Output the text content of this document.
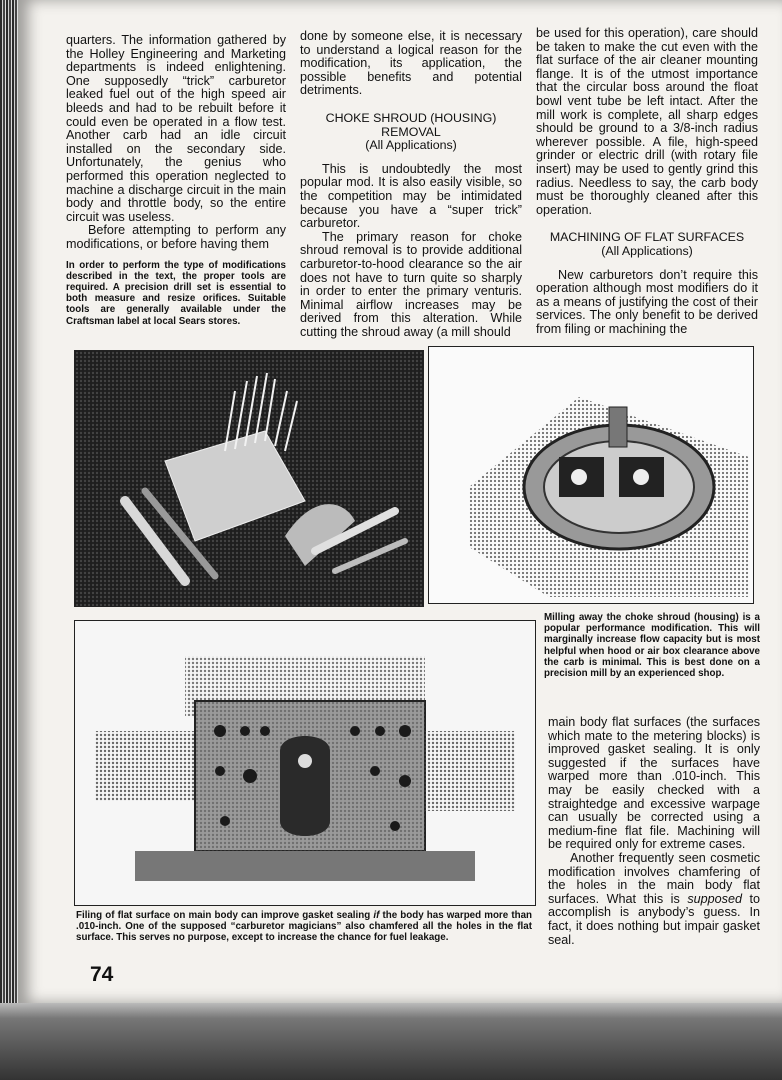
quarters. The information gathered by the Holley Engineering and Marketing departments is indeed enlightening. One supposedly “trick” carburetor leaked fuel out of the high speed air bleeds and had to be rebuilt before it could even be operated in a flow test. Another carb had an idle circuit installed on the secondary side. Unfortunately, the genius who performed this operation neglected to machine a discharge circuit in the main body and throttle body, so the entire circuit was useless.

Before attempting to perform any modifications, or before having them

In order to perform the type of modifications described in the text, the proper tools are required. A precision drill set is essential to both measure and resize orifices. Suitable tools are generally available under the Craftsman label at local Sears stores.

done by someone else, it is necessary to understand a logical reason for the modification, its application, the possible benefits and potential detriments.

CHOKE SHROUD (HOUSING)
REMOVAL
(All Applications)

This is undoubtedly the most popular mod. It is also easily visible, so the competition may be intimidated because you have a “super trick” carburetor.

The primary reason for choke shroud removal is to provide additional carburetor-to-hood clearance so the air does not have to turn quite so sharply in order to enter the primary venturis. Minimal airflow increases may be derived from this alteration. While cutting the shroud away (a mill should

be used for this operation), care should be taken to make the cut even with the flat surface of the air cleaner mounting flange. It is of the utmost importance that the circular boss around the float bowl vent tube be left intact. After the mill work is complete, all sharp edges should be ground to a 3/8-inch radius wherever possible. A file, high-speed grinder or electric drill (with rotary file insert) may be used to gently grind this radius. Needless to say, the carb body must be thoroughly cleaned after this operation.

MACHINING OF FLAT SURFACES
(All Applications)

New carburetors don’t require this operation although most modifiers do it as a means of justifying the cost of their services. The only benefit to be derived from filing or machining the

Milling away the choke shroud (housing) is a popular performance modification. This will marginally increase flow capacity but is most helpful when hood or air box clearance above the carb is minimal. This is best done on a precision mill by an experienced shop.

Filing of flat surface on main body can improve gasket sealing if the body has warped more than .010-inch. One of the supposed “carburetor magicians” also chamfered all the holes in the flat surface. This serves no purpose, except to increase the chance for fuel leakage.

main body flat surfaces (the surfaces which mate to the metering blocks) is improved gasket sealing. It is only suggested if the surfaces have warped more than .010-inch. This may be easily checked with a straightedge and excessive warpage can usually be corrected using a medium-fine flat file. Machining will be required only for extreme cases.

Another frequently seen cosmetic modification involves chamfering of the holes in the main body flat surfaces. What this is supposed to accomplish is anybody’s guess. In fact, it does nothing but impair gasket seal.

74
